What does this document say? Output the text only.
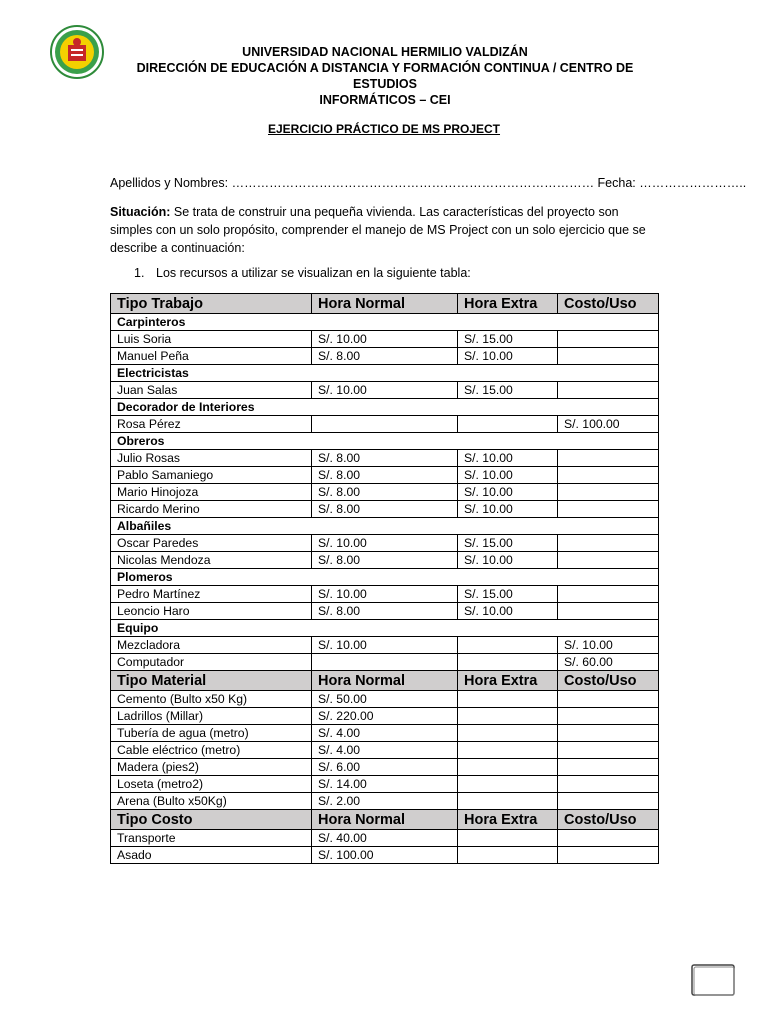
UNIVERSIDAD NACIONAL HERMILIO VALDIZÁN
DIRECCIÓN DE EDUCACIÓN A DISTANCIA Y FORMACIÓN CONTINUA / CENTRO DE ESTUDIOS
INFORMÁTICOS – CEI
EJERCICIO PRÁCTICO DE MS PROJECT
Apellidos y Nombres: …………………………………………………………………………… Fecha: ……………………..
Situación: Se trata de construir una pequeña vivienda. Las características del proyecto son simples con un solo propósito, comprender el manejo de MS Project con un solo ejercicio que se describe a continuación:
1. Los recursos a utilizar se visualizan en la siguiente tabla:
Tipo Trabajo	Hora Normal	Hora Extra	Costo/Uso
Carpinteros			
Luis Soria	S/. 10.00	S/. 15.00	
Manuel Peña	S/. 8.00	S/. 10.00	
Electricistas			
Juan Salas	S/. 10.00	S/. 15.00	
Decorador de Interiores			
Rosa Pérez			S/. 100.00
Obreros			
Julio Rosas	S/. 8.00	S/. 10.00	
Pablo Samaniego	S/. 8.00	S/. 10.00	
Mario Hinojoza	S/. 8.00	S/. 10.00	
Ricardo Merino	S/. 8.00	S/. 10.00	
Albañiles			
Oscar Paredes	S/. 10.00	S/. 15.00	
Nicolas Mendoza	S/. 8.00	S/. 10.00	
Plomeros			
Pedro Martínez	S/. 10.00	S/. 15.00	
Leoncio Haro	S/. 8.00	S/. 10.00	
Equipo			
Mezcladora	S/. 10.00		S/. 10.00
Computador			S/. 60.00
Tipo Material	Hora Normal	Hora Extra	Costo/Uso
Cemento (Bulto x50 Kg)	S/. 50.00		
Ladrillos (Millar)	S/. 220.00		
Tubería de agua (metro)	S/. 4.00		
Cable eléctrico (metro)	S/. 4.00		
Madera (pies2)	S/. 6.00		
Loseta (metro2)	S/. 14.00		
Arena (Bulto x50Kg)	S/. 2.00		
Tipo Costo	Hora Normal	Hora Extra	Costo/Uso
Transporte	S/. 40.00		
Asado	S/. 100.00		
